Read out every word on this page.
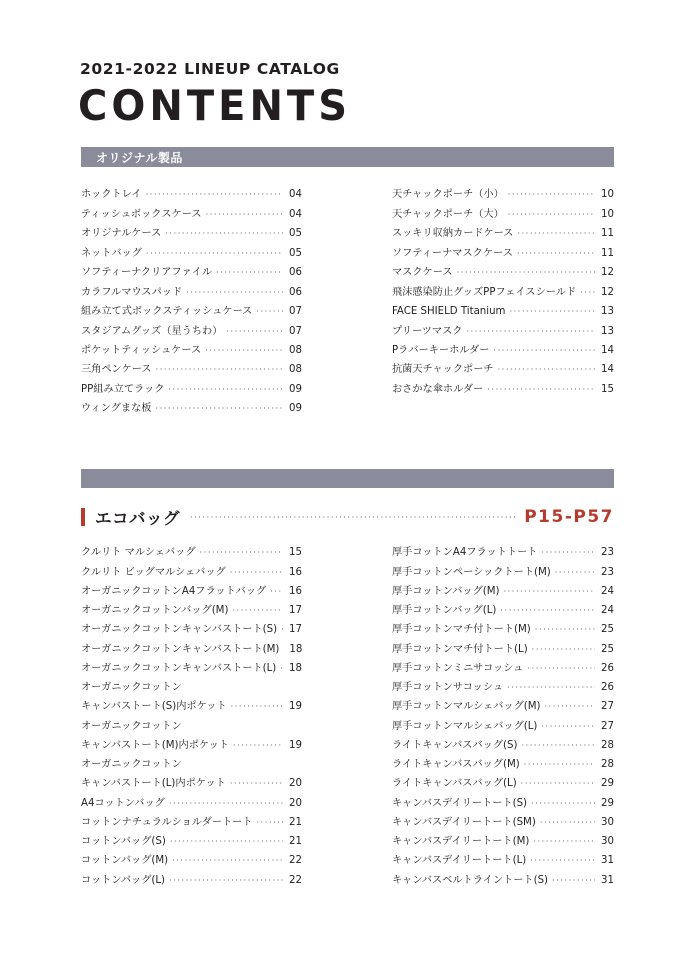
2021-2022 LINEUP CATALOG
CONTENTS
オリジナル製品
ホックトレイ ·····	04
ティッシュボックスケース ·····	04
オリジナルケース ·····	05
ネットバッグ ·····	05
ソフティーナクリアファイル ·····	06
カラフルマウスパッド ·····	06
組み立て式ボックスティッシュケース ·····	07
スタジアムグッズ（星うちわ） ·····	07
ポケットティッシュケース ·····	08
三角ペンケース ·····	08
PP組み立てラック ·····	09
ウィングまな板 ·····	09
天チャックポーチ（小） ·····	10
天チャックポーチ（大） ·····	10
スッキリ収納カードケース ·····	11
ソフティーナマスクケース ·····	11
マスクケース ·····	12
飛沫感染防止グッズPPフェイスシールド ····· 12
FACE SHIELD Titanium ·····	13
プリーツマスク ·····	13
Pラバーキーホルダー ·····	14
抗菌天チャックポーチ ·····	14
おさかな傘ホルダー ·····	15
エコバッグ ·····	P15-P57
クルリト マルシェバッグ ·····	15
クルリト ビッグマルシェバッグ ·····	16
オーガニックコットンA4フラットバッグ ····· 16
オーガニックコットンバッグ(M) ·····	17
オーガニックコットンキャンバストート(S) ····· 17
オーガニックコットンキャンバストート(M) 18
オーガニックコットンキャンバストート(L) ····· 18
オーガニックコットン
キャンバストート(S)内ポケット ·····	19
オーガニックコットン
キャンバストート(M)内ポケット ·····	19
オーガニックコットン
キャンバストート(L)内ポケット ·····	20
A4コットンバッグ ·····	20
コットンナチュラルショルダートート ·····	21
コットンバッグ(S) ·····	21
コットンバッグ(M) ·····	22
コットンバッグ(L) ·····	22
厚手コットンA4フラットトート ·····	23
厚手コットンペーシックトート(M) ·····	23
厚手コットンバッグ(M) ·····	24
厚手コットンバッグ(L) ·····	24
厚手コットンマチ付トート(M) ·····	25
厚手コットンマチ付トート(L) ·····	25
厚手コットンミニサコッシュ ·····	26
厚手コットンサコッシュ ·····	26
厚手コットンマルシェバッグ(M) ·····	27
厚手コットンマルシェバッグ(L) ·····	27
ライトキャンバスバッグ(S) ·····	28
ライトキャンバスバッグ(M) ·····	28
ライトキャンバスバッグ(L) ·····	29
キャンバスデイリートート(S) ·····	29
キャンバスデイリートート(SM) ·····	30
キャンバスデイリートート(M) ·····	30
キャンバスデイリートート(L) ·····	31
キャンバスベルトライントート(S) ·····	31
